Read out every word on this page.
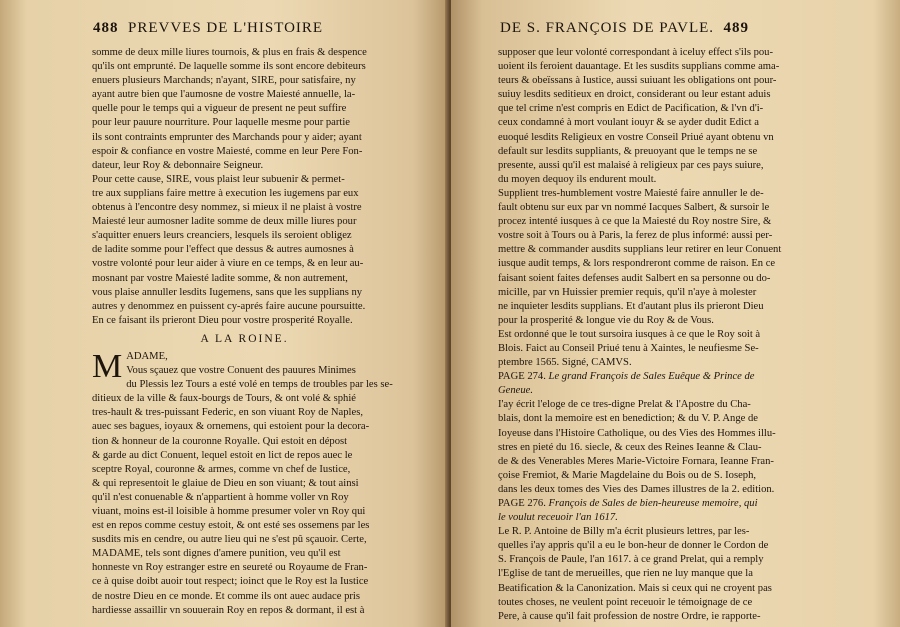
488 PREVVES DE L'HISTOIRE
somme de deux mille liures tournois, & plus en frais & despence
qu'ils ont emprunté. De laquelle somme ils sont encore debiteurs
enuers plusieurs Marchands; n'ayant, SIRE, pour satisfaire, ny
ayant autre bien que l'aumosne de vostre Maiesté annuelle, la-
quelle pour le temps qui a vigueur de present ne peut suffire
pour leur pauure nourriture. Pour laquelle mesme pour partie
ils sont contraints emprunter des Marchands pour y aider; ayant
espoir & confiance en vostre Maiesté, comme en leur Pere Fon-
dateur, leur Roy & debonnaire Seigneur.
Pour cette cause, SIRE, vous plaist leur subuenir & permet-
tre aux supplians faire mettre à execution les iugemens par eux
obtenus à l'encontre desy nommez, si mieux il ne plaist à vostre
Maiesté leur aumosner ladite somme de deux mille liures pour
s'aquitter enuers leurs creanciers, lesquels ils seroient obligez
de ladite somme pour l'effect que dessus & autres aumosnes à
vostre volonté pour leur aider à viure en ce temps, & en leur au-
mosnant par vostre Maiesté ladite somme, & non autrement,
vous plaise annuller lesdits Iugemens, sans que les supplians ny
autres y denommez en puissent cy-aprés faire aucune poursuitte.
En ce faisant ils prieront Dieu pour vostre prosperité Royalle.
A LA ROINE.
M ADAME,
Vous sçauez que vostre Conuent des pauures Minimes
du Plessis lez Tours a esté volé en temps de troubles par les se-
ditieux de la ville & faux-bourgs de Tours, & ont volé & sphié
tres-hault & tres-puissant Federic, en son viuant Roy de Naples,
auec ses bagues, ioyaux & ornemens, qui estoient pour la decora-
tion & honneur de la couronne Royalle. Qui estoit en dépost
& garde au dict Conuent, lequel estoit en lict de repos auec le
sceptre Royal, couronne & armes, comme vn chef de Iustice,
& qui representoit le glaiue de Dieu en son viuant; & tout ainsi
qu'il n'est conuenable & n'appartient à homme voller vn Roy
viuant, moins est-il loisible à homme presumer voler vn Roy qui
est en repos comme cestuy estoit, & ont esté ses ossemens par les
susdits mis en cendre, ou autre lieu qui ne s'est pû sçauoir. Certe,
MADAME, tels sont dignes d'amere punition, veu qu'il est
honneste vn Roy estranger estre en seureté ou Royaume de Fran-
ce à quise doibt auoir tout respect; ioinct que le Roy est la Iustice
de nostre Dieu en ce monde. Et comme ils ont auec audace pris
hardiesse assaillir vn souuerain Roy en repos & dormant, il est à
DE S. FRANÇOIS DE PAVLE. 489
supposer que leur volonté correspondant à iceluy effect s'ils pou-
uoient ils feroient dauantage. Et les susdits supplians comme ama-
teurs & obeïssans à Iustice, aussi suiuant les obligations ont pour-
suiuy lesdits seditieux en droict, considerant ou leur estant aduis
que tel crime n'est compris en Edict de Pacification, & l'vn d'i-
ceux condamné à mort voulant iouyr & se ayder dudit Edict a
euoqué lesdits Religieux en vostre Conseil Priué ayant obtenu vn
default sur lesdits suppliants, & preuoyant que le temps ne se
presente, aussi qu'il est malaisé à religieux par ces pays suiure,
du moyen dequoy ils endurent moult.
Supplient tres-humblement vostre Maiesté faire annuller le de-
fault obtenu sur eux par vn nommé Iacques Salbert, & sursoir le
procez intenté iusques à ce que la Maiesté du Roy nostre Sire, &
vostre soit à Tours ou à Paris, la ferez de plus informé: aussi per-
mettre & commander ausdits supplians leur retirer en leur Conuent
iusque audit temps, & lors respondreront comme de raison. En ce
faisant soient faites defenses audit Salbert en sa personne ou do-
micille, par vn Huissier premier requis, qu'il n'aye à molester
ne inquieter lesdits supplians. Et d'autant plus ils prieront Dieu
pour la prosperité & longue vie du Roy & de Vous.
Est ordonné que le tout sursoira iusques à ce que le Roy soit à
Blois. Faict au Conseil Priué tenu à Xaintes, le neufiesme Se-
ptembre 1565. Signé, CAMVS.
PAGE 274. Le grand François de Sales Euêque & Prince de
Geneue.
I'ay écrit l'eloge de ce tres-digne Prelat & l'Apostre du Cha-
blais, dont la memoire est en benediction; & du V. P. Ange de
Ioyeuse dans l'Histoire Catholique, ou des Vies des Hommes illu-
stres en pieté du 16. siecle, & ceux des Reines Ieanne & Clau-
de & des Venerables Meres Marie-Victoire Fornara, Ieanne Fran-
çoise Fremiot, & Marie Magdelaine du Bois ou de S. Ioseph,
dans les deux tomes des Vies des Dames illustres de la 2. edition.
PAGE 276. François de Sales de bien-heureuse memoire, qui
le voulut receuoir l'an 1617.
Le R. P. Antoine de Billy m'a écrit plusieurs lettres, par les-
quelles i'ay appris qu'il a eu le bon-heur de donner le Cordon de
S. François de Paule, l'an 1617. à ce grand Prelat, qui a remply
l'Eglise de tant de merueilles, que rien ne luy manque que la
Beatification & la Canonization. Mais si ceux qui ne croyent pas
toutes choses, ne veulent point receuoir le témoignage de ce
Pere, à cause qu'il fait profession de nostre Ordre, ie rapporte-
